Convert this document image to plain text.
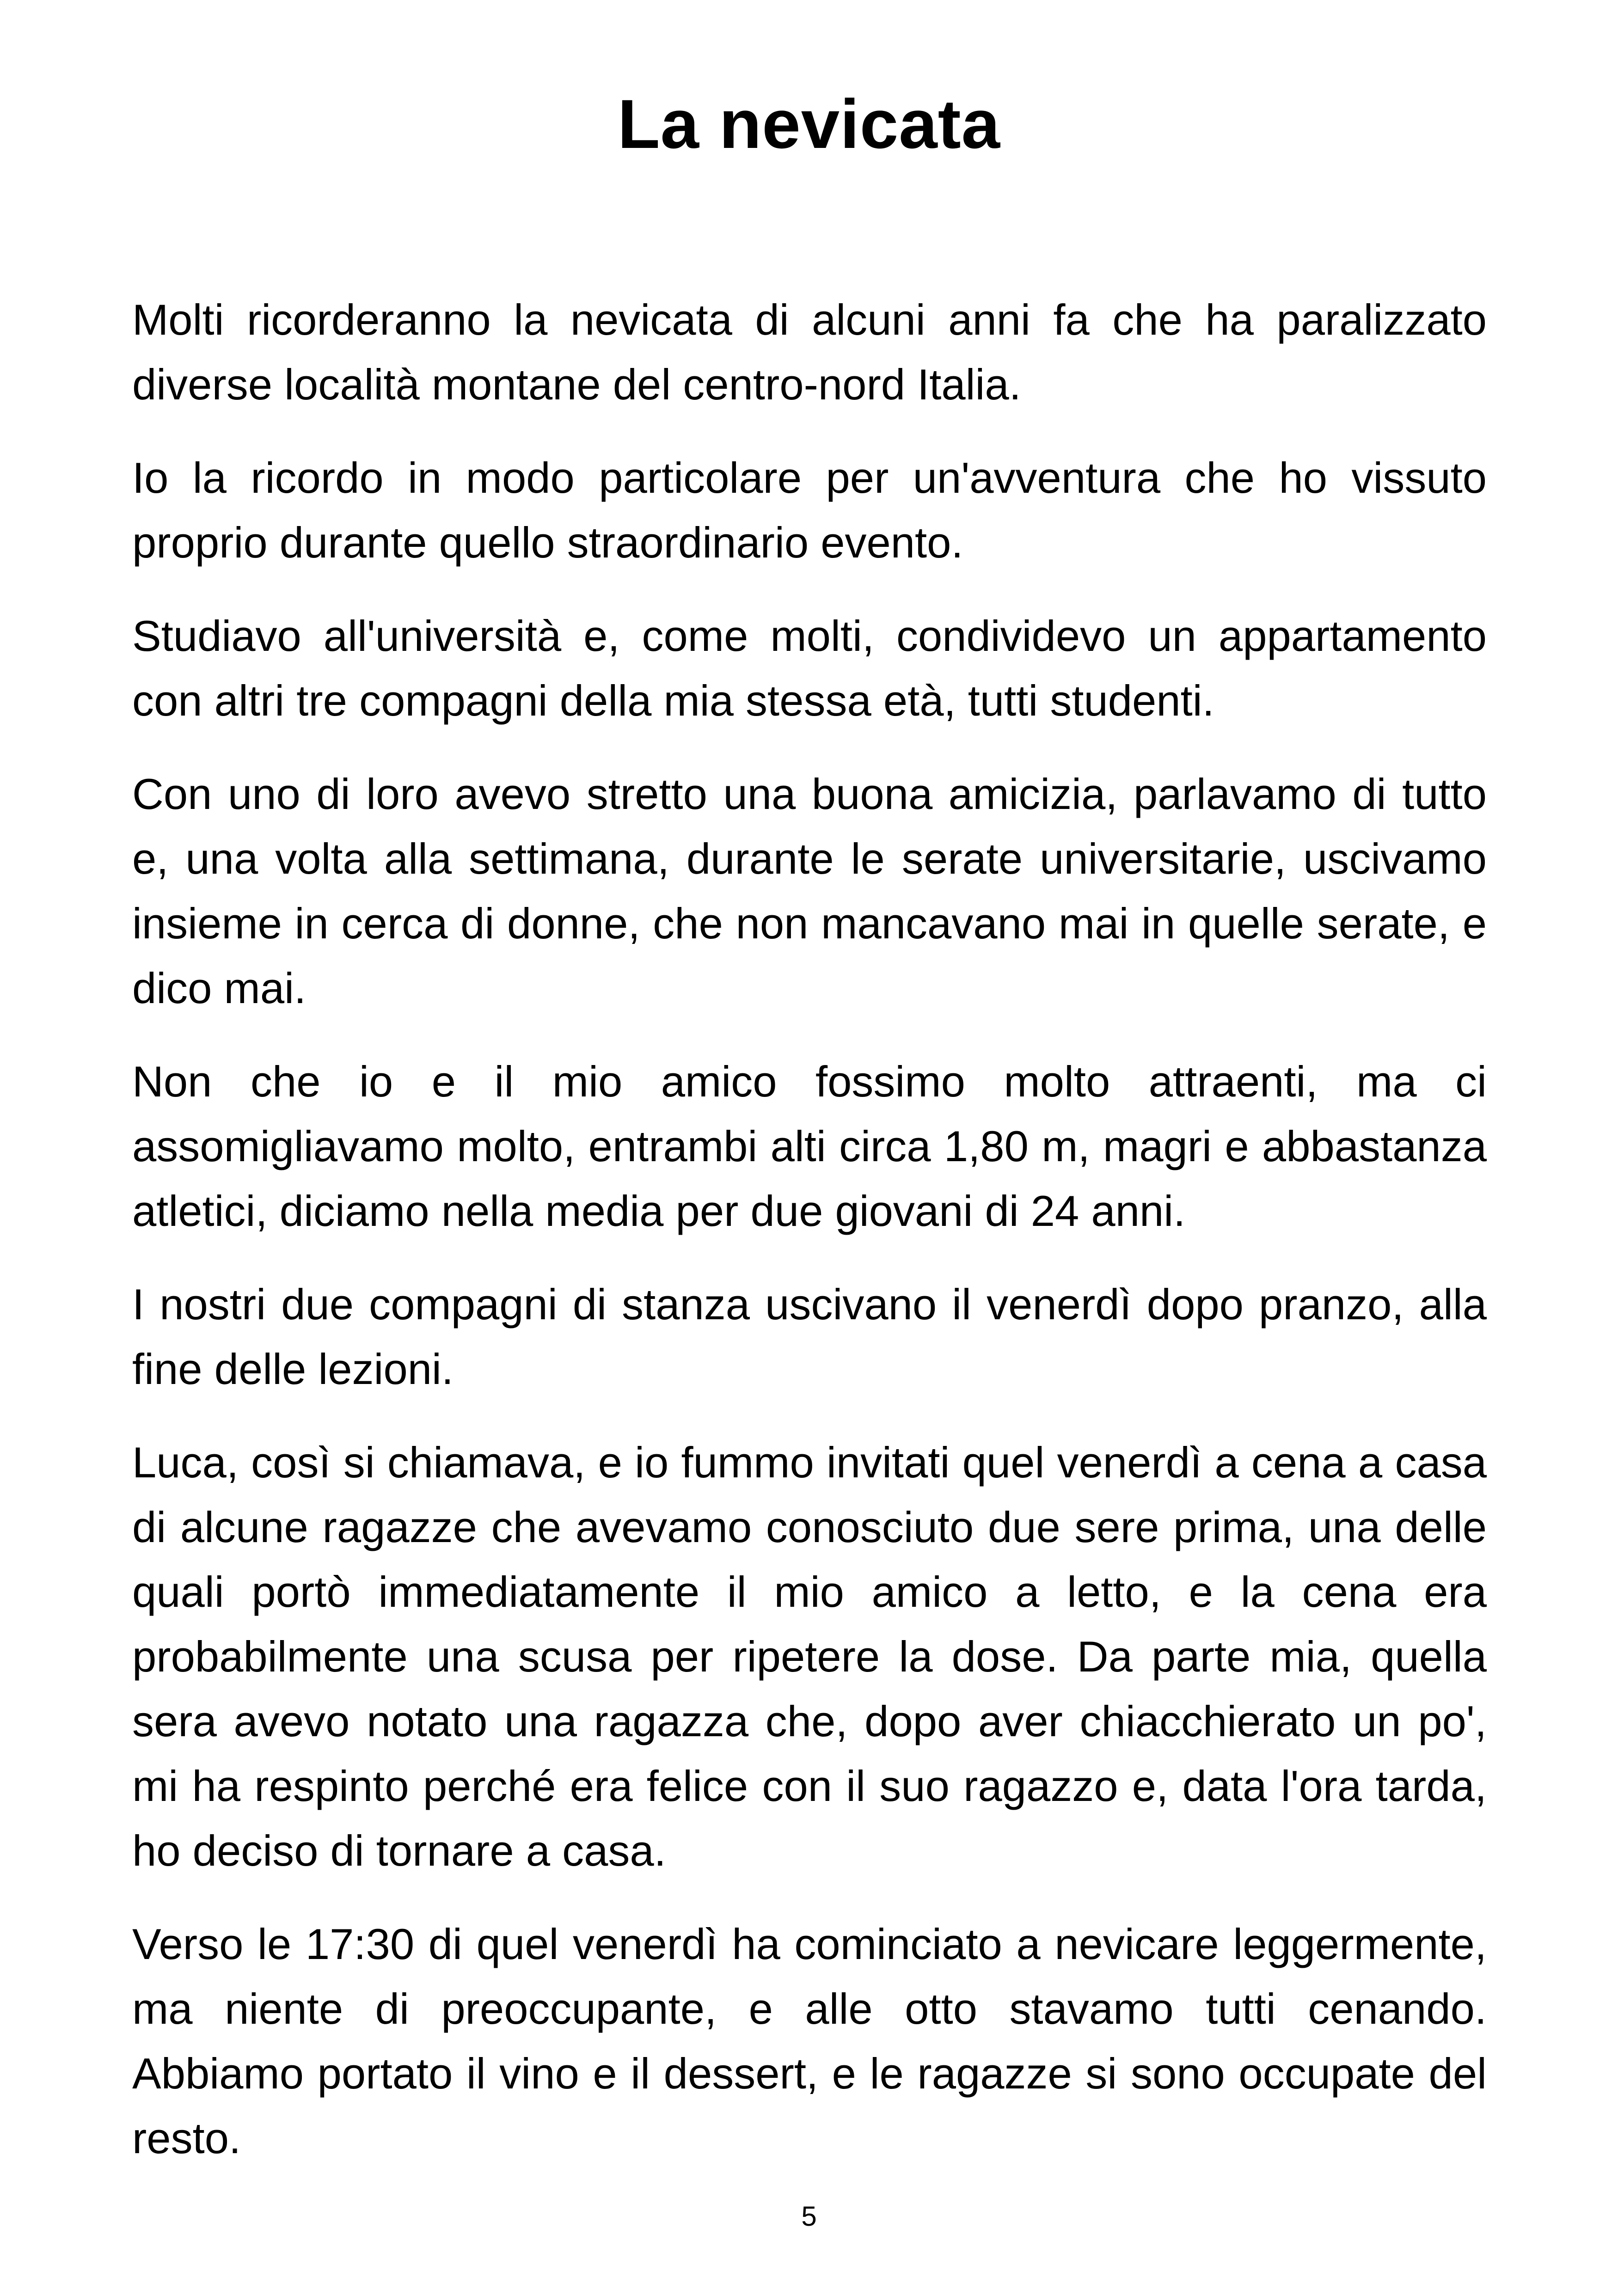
La nevicata

Molti ricorderanno la nevicata di alcuni anni fa che ha paralizzato diverse località montane del centro-nord Italia.

Io la ricordo in modo particolare per un'avventura che ho vissuto proprio durante quello straordinario evento.

Studiavo all'università e, come molti, condividevo un appartamento con altri tre compagni della mia stessa età, tutti studenti.

Con uno di loro avevo stretto una buona amicizia, parlavamo di tutto e, una volta alla settimana, durante le serate universitarie, uscivamo insieme in cerca di donne, che non mancavano mai in quelle serate, e dico mai.

Non che io e il mio amico fossimo molto attraenti, ma ci assomigliavamo molto, entrambi alti circa 1,80 m, magri e abbastanza atletici, diciamo nella media per due giovani di 24 anni.

I nostri due compagni di stanza uscivano il venerdì dopo pranzo, alla fine delle lezioni.

Luca, così si chiamava, e io fummo invitati quel venerdì a cena a casa di alcune ragazze che avevamo conosciuto due sere prima, una delle quali portò immediatamente il mio amico a letto, e la cena era probabilmente una scusa per ripetere la dose. Da parte mia, quella sera avevo notato una ragazza che, dopo aver chiacchierato un po', mi ha respinto perché era felice con il suo ragazzo e, data l'ora tarda, ho deciso di tornare a casa.

Verso le 17:30 di quel venerdì ha cominciato a nevicare leggermente, ma niente di preoccupante, e alle otto stavamo tutti cenando. Abbiamo portato il vino e il dessert, e le ragazze si sono occupate del resto.

5
